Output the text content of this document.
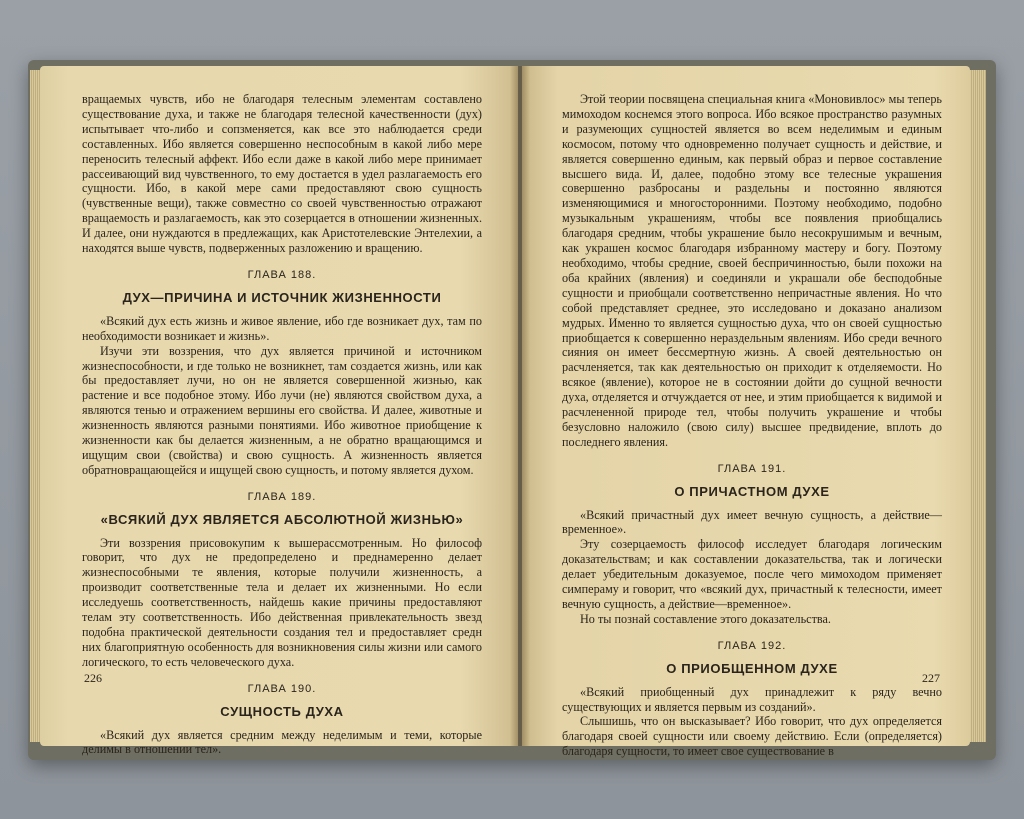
вращаемых чувств, ибо не благодаря телесным элементам составлено существование духа, и также не благодаря телесной качественности (дух) испытывает что-либо и сопзменяется, как все это наблюдается среди составленных. Ибо является совершенно неспособным в какой либо мере переносить телесный аффект. Ибо если даже в какой либо мере принимает рассеивающий вид чувственного, то ему достается в удел разлагаемость его сущности. Ибо, в какой мере сами предоставляют свою сущность (чувственные вещи), также совместно со своей чувственностью отражают вращаемость и разлагаемость, как это созерцается в отношении жизненных. И далее, они нуждаются в предлежащих, как Аристотелевские Энтелехии, а находятся выше чувств, подверженных разложению и вращению.

ГЛАВА 188.
ДУХ—ПРИЧИНА И ИСТОЧНИК ЖИЗНЕННОСТИ

«Всякий дух есть жизнь и живое явление, ибо где возникает дух, там по необходимости возникает и жизнь».

Изучи эти воззрения, что дух является причиной и источником жизнеспособности, и где только не возникнет, там создается жизнь, или как бы предоставляет лучи, но он не является совершенной жизнью, как растение и все подобное этому. Ибо лучи (не) являются свойством духа, а являются тенью и отражением вершины его свойства. И далее, животные и жизненность являются разными понятиями. Ибо животное приобщение к жизненности как бы делается жизненным, а не обратно вращающимся и ищущим свои (свойства) и свою сущность. А жизненность является обратновращающейся и ищущей свою сущность, и потому является духом.

ГЛАВА 189.
«ВСЯКИЙ ДУХ ЯВЛЯЕТСЯ АБСОЛЮТНОЙ ЖИЗНЬЮ»

Эти воззрения присовокупим к вышерассмотренным. Но философ говорит, что дух не предопределено и преднамеренно делает жизнеспособными те явления, которые получили жизненность, а производит соответственные тела и делает их жизненными. Но если исследуешь соответственность, найдешь какие причины предоставляют телам эту соответственность. Ибо действенная привлекательность звезд подобна практической деятельности создания тел и предоставляет средн них благоприятную особенность для возникновения силы жизни или самого логического, то есть человеческого духа.

ГЛАВА 190.
СУЩНОСТЬ ДУХА

«Всякий дух является средним между неделимым и теми, которые делимы в отношении тел».

226

Этой теории посвящена специальная книга «Моновивлос» мы теперь мимоходом коснемся этого вопроса. Ибо всякое пространство разумных и разумеющих сущностей является во всем неделимым и единым космосом, потому что одновременно получает сущность и действие, и является совершенно единым, как первый образ и первое составление высшего вида. И, далее, подобно этому все телесные украшения совершенно разбросаны и раздельны и постоянно являются изменяющимися и многосторонними. Поэтому необходимо, подобно музыкальным украшениям, чтобы все появления приобщались благодаря средним, чтобы украшение было несокрушимым и вечным, как украшен космос благодаря избранному мастеру и богу. Поэтому необходимо, чтобы средние, своей беспричинностью, были похожи на оба крайних (явления) и соединяли и украшали обе бесподобные сущности и приобщали соответственно непричастные явления. Но что собой представляет среднее, это исследовано и доказано анализом мудрых. Именно то является сущностью духа, что он своей сущностью приобщается к совершенно нераздельным явлениям. Ибо среди вечного сияния он имеет бессмертную жизнь. А своей деятельностью он расчленяется, так как деятельностью он приходит к отделяемости. Но всякое (явление), которое не в состоянии дойти до сущной вечности духа, отделяется и отчуждается от нее, и этим приобщается к видимой и расчлененной природе тел, чтобы получить украшение и чтобы безусловно наложило (свою силу) высшее предвидение, вплоть до последнего явления.

ГЛАВА 191.
О ПРИЧАСТНОМ ДУХЕ

«Всякий причастный дух имеет вечную сущность, а действие—временное».

Эту созерцаемость философ исследует благодаря логическим доказательствам; и как составлении доказательства, так и логически делает убедительным доказуемое, после чего мимоходом применяет симпераму и говорит, что «всякий дух, причастный к телесности, имеет вечную сущность, а действие—временное».

Но ты познай составление этого доказательства.

ГЛАВА 192.
О ПРИОБЩЕННОМ ДУХЕ

«Всякий приобщенный дух принадлежит к ряду вечно существующих и является первым из созданий».

Слышишь, что он высказывает? Ибо говорит, что дух определяется благодаря своей сущности или своему действию. Если (определяется) благодаря сущности, то имеет свое существование в

227
